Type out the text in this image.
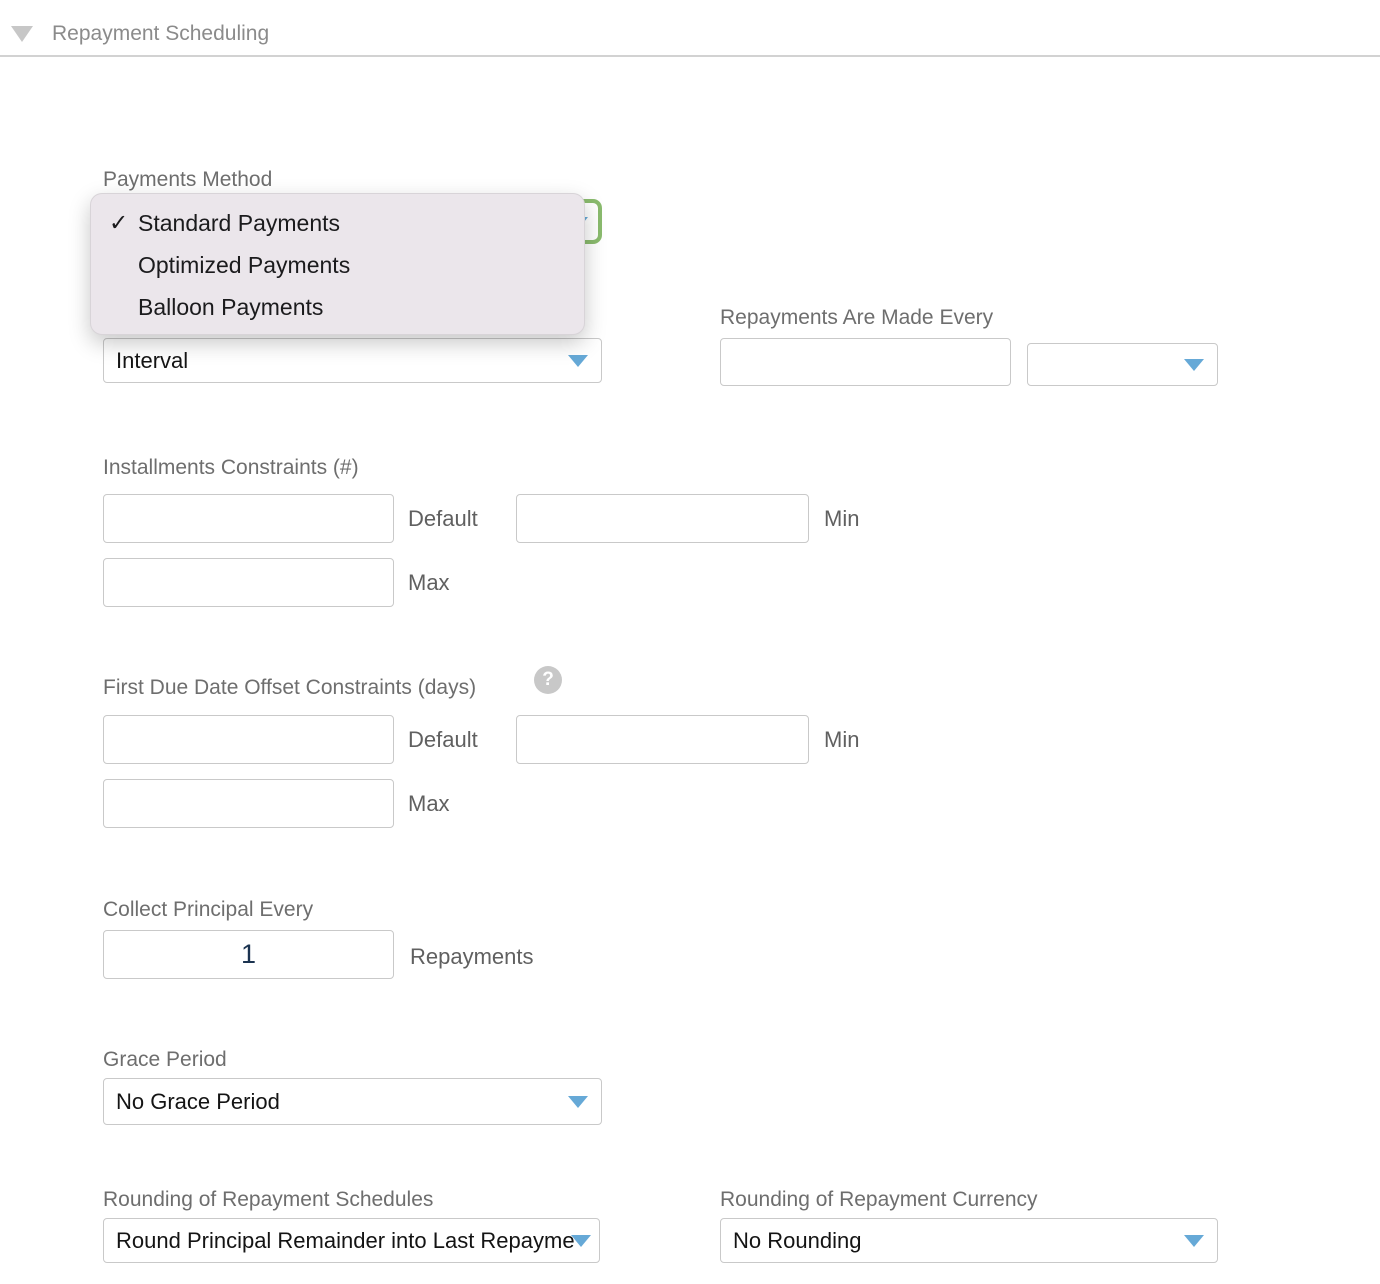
Repayment Scheduling
Payments Method
✓ Standard Payments
Optimized Payments
Balloon Payments
Interval
Repayments Are Made Every
Installments Constraints (#)
Default	Min
Max
First Due Date Offset Constraints (days)	?
Default	Min
Max
Collect Principal Every
1
Repayments
Grace Period
No Grace Period
Rounding of Repayment Schedules
Round Principal Remainder into Last Repayme
Rounding of Repayment Currency
No Rounding
